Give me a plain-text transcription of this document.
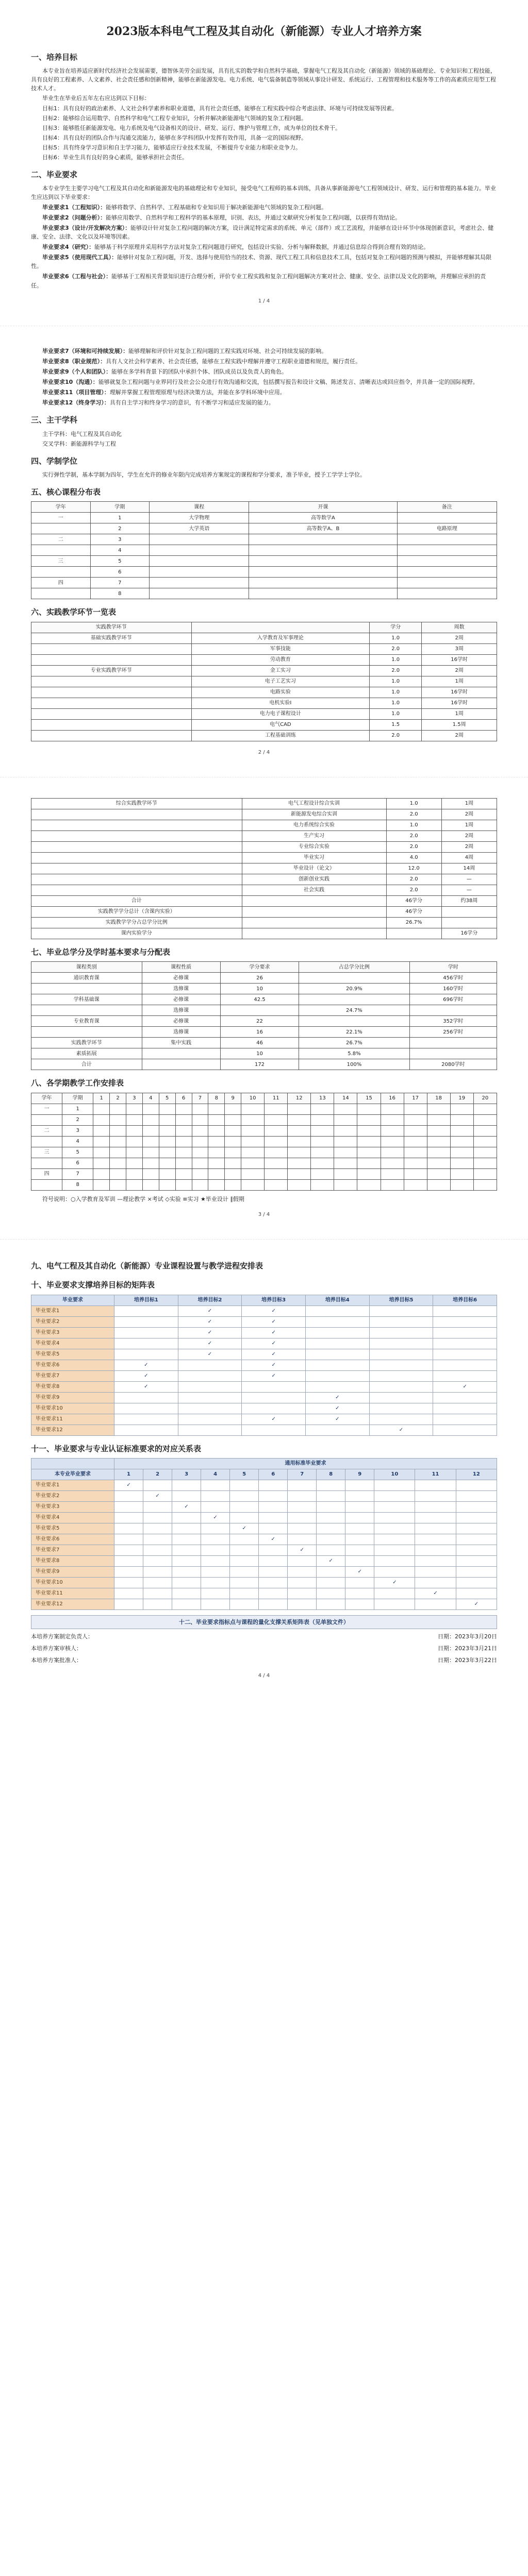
2023版本科电气工程及其自动化（新能源）专业人才培养方案
一、培养目标

本专业旨在培养适应新时代经济社会发展需要，德智体美劳全面发展，具有扎实的数学和自然科学基础，掌握电气工程及其自动化（新能源）领域的基础理论、专业知识和工程技能，具有良好的工程素养、人文素养、社会责任感和创新精神，能够在新能源发电、电力系统、电气装备制造等领域从事设计研发、系统运行、工程管理和技术服务等工作的高素质应用型工程技术人才。

毕业生在毕业后五年左右应达到以下目标：

目标1：具有良好的政治素养、人文社会科学素养和职业道德，具有社会责任感，能够在工程实践中综合考虑法律、环境与可持续发展等因素。

目标2：能够综合运用数学、自然科学和电气工程专业知识，分析并解决新能源电气领域的复杂工程问题。

目标3：能够胜任新能源发电、电力系统及电气设备相关的设计、研发、运行、维护与管理工作，成为单位的技术骨干。

目标4：具有良好的团队合作与沟通交流能力，能够在多学科团队中发挥有效作用，具备一定的国际视野。

目标5：具有终身学习意识和自主学习能力，能够适应行业技术发展，不断提升专业能力和职业竞争力。

目标6：毕业生具有良好的身心素质，能够承担社会责任。

二、毕业要求

本专业学生主要学习电气工程及其自动化和新能源发电的基础理论和专业知识，接受电气工程师的基本训练，具备从事新能源电气工程领域设计、研发、运行和管理的基本能力。毕业生应达到以下毕业要求：

毕业要求1（工程知识）：能够将数学、自然科学、工程基础和专业知识用于解决新能源电气领域的复杂工程问题。

毕业要求2（问题分析）：能够应用数学、自然科学和工程科学的基本原理，识别、表达，并通过文献研究分析复杂工程问题，以获得有效结论。

毕业要求3（设计/开发解决方案）：能够设计针对复杂工程问题的解决方案，设计满足特定需求的系统、单元（部件）或工艺流程，并能够在设计环节中体现创新意识，考虑社会、健康、安全、法律、文化以及环境等因素。

毕业要求4（研究）：能够基于科学原理并采用科学方法对复杂工程问题进行研究，包括设计实验、分析与解释数据，并通过信息综合得到合理有效的结论。

毕业要求5（使用现代工具）：能够针对复杂工程问题，开发、选择与使用恰当的技术、资源、现代工程工具和信息技术工具，包括对复杂工程问题的预测与模拟，并能够理解其局限性。

毕业要求6（工程与社会）：能够基于工程相关背景知识进行合理分析，评价专业工程实践和复杂工程问题解决方案对社会、健康、安全、法律以及文化的影响，并理解应承担的责任。

1 / 4

毕业要求7（环境和可持续发展）：能够理解和评价针对复杂工程问题的工程实践对环境、社会可持续发展的影响。

毕业要求8（职业规范）：具有人文社会科学素养、社会责任感，能够在工程实践中理解并遵守工程职业道德和规范，履行责任。

毕业要求9（个人和团队）：能够在多学科背景下的团队中承担个体、团队成员以及负责人的角色。

毕业要求10（沟通）：能够就复杂工程问题与业界同行及社会公众进行有效沟通和交流，包括撰写报告和设计文稿、陈述发言、清晰表达或回应指令，并具备一定的国际视野。

毕业要求11（项目管理）：理解并掌握工程管理原理与经济决策方法，并能在多学科环境中应用。

毕业要求12（终身学习）：具有自主学习和终身学习的意识，有不断学习和适应发展的能力。

三、主干学科

主干学科：电气工程及其自动化

交叉学科：新能源科学与工程

四、学制学位

实行弹性学制，基本学制为四年，学生在允许的修业年限内完成培养方案规定的课程和学分要求，准予毕业，授予工学学士学位。

五、核心课程分布表
学年	学期	课程	开课	备注
一	1	大学物理	高等数学A	
	2	大学英语	高等数学A、B	电路原理
二	3			
	4			
三	5			
	6			
四	7			
	8			
六、实践教学环节一览表
实践教学环节		学分	周数
基础实践教学环节	入学教育及军事理论	1.0	2周
	军事技能	2.0	3周
	劳动教育	1.0	16学时
专业实践教学环节	金工实习	2.0	2周
	电子工艺实习	1.0	1周
	电路实验	1.0	16学时
	电机实验I	1.0	16学时
	电力电子课程设计	1.0	1周
	电气CAD	1.5	1.5周
	工程基础训练	2.0	2周
2 / 4
综合实践教学环节	电气工程设计综合实训	1.0	1周
	新能源发电综合实训	2.0	2周
	电力系统综合实验	1.0	1周
	生产实习	2.0	2周
	专业综合实验	2.0	2周
	毕业实习	4.0	4周
	毕业设计（论文）	12.0	14周
	创新创业实践	2.0	—
	社会实践	2.0	—
合计		46学分	约38周
实践教学学分总计（含课内实验）		46学分	
实践教学学分占总学分比例		26.7%	
课内实验学分			16学分
七、毕业总学分及学时基本要求与分配表
课程类别	课程性质	学分要求	占总学分比例	学时
通识教育课	必修课	26		456学时
	选修课	10	20.9%	160学时
学科基础课	必修课	42.5		696学时
	选修课		24.7%	
专业教育课	必修课	22		352学时
	选修课	16	22.1%	256学时
实践教学环节	集中实践	46	26.7%	
素质拓展		10	5.8%	
合计		172	100%	2080学时
八、各学期教学工作安排表
学年	学期	1	2	3	4	5	6	7	8	9	10	11	12	13	14	15	16	17	18	19	20
一	1																				
	2																				
二	3																				
	4																				
三	5																				
	6																				
四	7																				
	8																				

符号说明：○入学教育及军训 —理论教学 ×考试 ◇实验 ≡实习 ★毕业设计 ∥假期

3 / 4
九、电气工程及其自动化（新能源）专业课程设置与教学进程安排表
十、毕业要求支撑培养目标的矩阵表
毕业要求	培养目标1	培养目标2	培养目标3	培养目标4	培养目标5	培养目标6
毕业要求1		✓	✓			
毕业要求2		✓	✓			
毕业要求3		✓	✓			
毕业要求4		✓	✓			
毕业要求5		✓	✓			
毕业要求6	✓		✓			
毕业要求7	✓		✓			
毕业要求8	✓					✓
毕业要求9				✓		
毕业要求10				✓		
毕业要求11			✓	✓		
毕业要求12					✓	
十一、毕业要求与专业认证标准要求的对应关系表
	通用标准毕业要求											
本专业毕业要求	1	2	3	4	5	6	7	8	9	10	11	12
毕业要求1	✓											
毕业要求2		✓										
毕业要求3			✓									
毕业要求4				✓								
毕业要求5					✓							
毕业要求6						✓						
毕业要求7							✓					
毕业要求8								✓				
毕业要求9									✓			
毕业要求10										✓		
毕业要求11											✓	
毕业要求12												✓
十二、毕业要求指标点与课程的量化支撑关系矩阵表（见单独文件）
本培养方案制定负责人：
本培养方案审核人：
本培养方案批准人：
日期：2023年3月20日
日期：2023年3月21日
日期：2023年3月22日
4 / 4
